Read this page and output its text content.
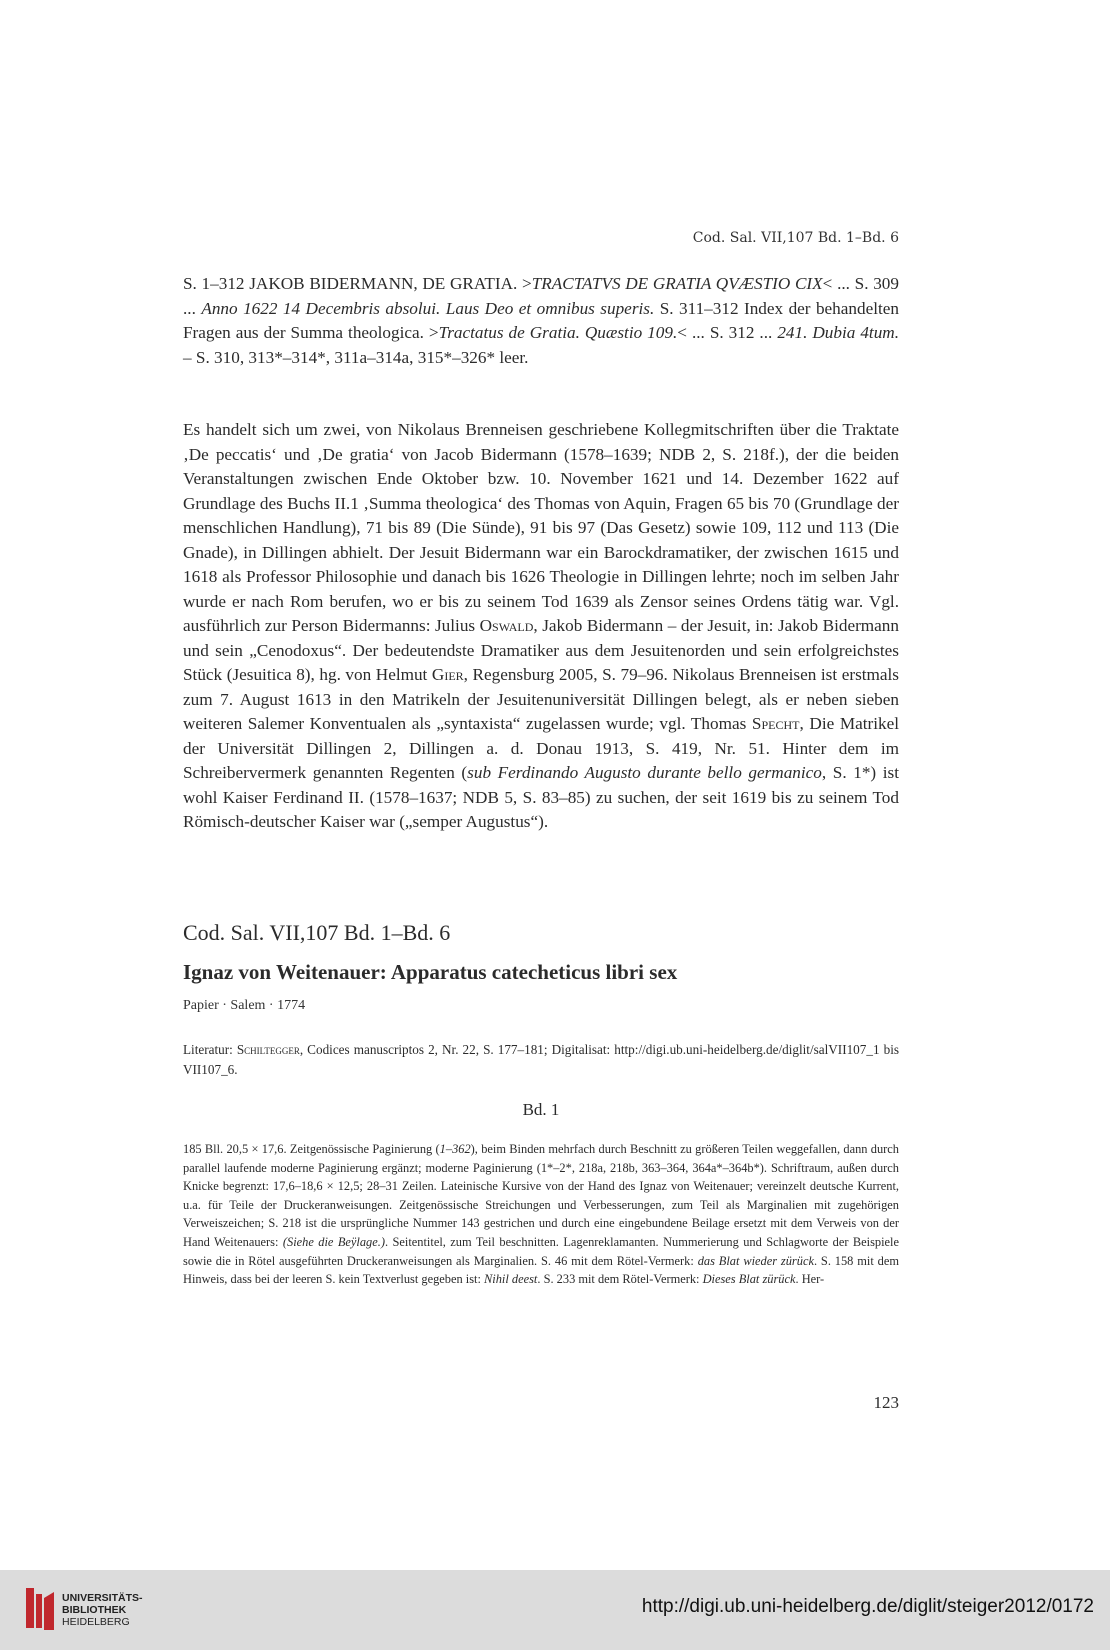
Cod. Sal. VII,107 Bd. 1–Bd. 6

S. 1–312 JAKOB BIDERMANN, DE GRATIA. >TRACTATVS DE GRATIA QVÆSTIO CIX< ... S. 309 ... Anno 1622 14 Decembris absolui. Laus Deo et omnibus superis. S. 311–312 Index der behandelten Fragen aus der Summa theologica. >Tractatus de Gratia. Quæstio 109.< ... S. 312 ... 241. Dubia 4tum. – S. 310, 313*–314*, 311a–314a, 315*–326* leer.

Es handelt sich um zwei, von Nikolaus Brenneisen geschriebene Kollegmitschriften über die Traktate ‚De peccatis‘ und ‚De gratia‘ von Jacob Bidermann (1578–1639; NDB 2, S. 218f.), der die beiden Veranstaltungen zwischen Ende Oktober bzw. 10. November 1621 und 14. Dezember 1622 auf Grundlage des Buchs II.1 ‚Summa theologica‘ des Thomas von Aquin, Fragen 65 bis 70 (Grundlage der menschlichen Handlung), 71 bis 89 (Die Sünde), 91 bis 97 (Das Gesetz) sowie 109, 112 und 113 (Die Gnade), in Dillingen abhielt. Der Jesuit Bidermann war ein Barockdramatiker, der zwischen 1615 und 1618 als Professor Philosophie und danach bis 1626 Theologie in Dillingen lehrte; noch im selben Jahr wurde er nach Rom berufen, wo er bis zu seinem Tod 1639 als Zensor seines Ordens tätig war. Vgl. ausführlich zur Person Bidermanns: Julius Oswald, Jakob Bidermann – der Jesuit, in: Jakob Bidermann und sein „Cenodoxus“. Der bedeutendste Dramatiker aus dem Jesuitenorden und sein erfolgreichstes Stück (Jesuitica 8), hg. von Helmut Gier, Regensburg 2005, S. 79–96. Nikolaus Brenneisen ist erstmals zum 7. August 1613 in den Matrikeln der Jesuitenuniversität Dillingen belegt, als er neben sieben weiteren Salemer Konventualen als „syntaxista“ zugelassen wurde; vgl. Thomas Specht, Die Matrikel der Universität Dillingen 2, Dillingen a. d. Donau 1913, S. 419, Nr. 51. Hinter dem im Schreibervermerk genannten Regenten (sub Ferdinando Augusto durante bello germanico, S. 1*) ist wohl Kaiser Ferdinand II. (1578–1637; NDB 5, S. 83–85) zu suchen, der seit 1619 bis zu seinem Tod Römisch-deutscher Kaiser war („semper Augustus“).

Cod. Sal. VII,107 Bd. 1–Bd. 6
Ignaz von Weitenauer: Apparatus catecheticus libri sex
Papier · Salem · 1774

Literatur: Schiltegger, Codices manuscriptos 2, Nr. 22, S. 177–181; Digitalisat: http://digi.ub.uni-heidelberg.de/diglit/salVII107_1 bis VII107_6.

Bd. 1

185 Bll. 20,5 × 17,6. Zeitgenössische Paginierung (1–362), beim Binden mehrfach durch Beschnitt zu größeren Teilen weggefallen, dann durch parallel laufende moderne Paginierung ergänzt; moderne Paginierung (1*–2*, 218a, 218b, 363–364, 364a*–364b*). Schriftraum, außen durch Knicke begrenzt: 17,6–18,6 × 12,5; 28–31 Zeilen. Lateinische Kursive von der Hand des Ignaz von Weitenauer; vereinzelt deutsche Kurrent, u.a. für Teile der Druckeranweisungen. Zeitgenössische Streichungen und Verbesserungen, zum Teil als Marginalien mit zugehörigen Verweiszeichen; S. 218 ist die ursprüngliche Nummer 143 gestrichen und durch eine eingebundene Beilage ersetzt mit dem Verweis von der Hand Weitenauers: (Siehe die Beÿlage.). Seitentitel, zum Teil beschnitten. Lagenreklamanten. Nummerierung und Schlagworte der Beispiele sowie die in Rötel ausgeführten Druckeranweisungen als Marginalien. S. 46 mit dem Rötel-Vermerk: das Blat wieder zürück. S. 158 mit dem Hinweis, dass bei der leeren S. kein Textverlust gegeben ist: Nihil deest. S. 233 mit dem Rötel-Vermerk: Dieses Blat zürück. Her-

123
UNIVERSITÄTS-
BIBLIOTHEK
HEIDELBERG
http://digi.ub.uni-heidelberg.de/diglit/steiger2012/0172
